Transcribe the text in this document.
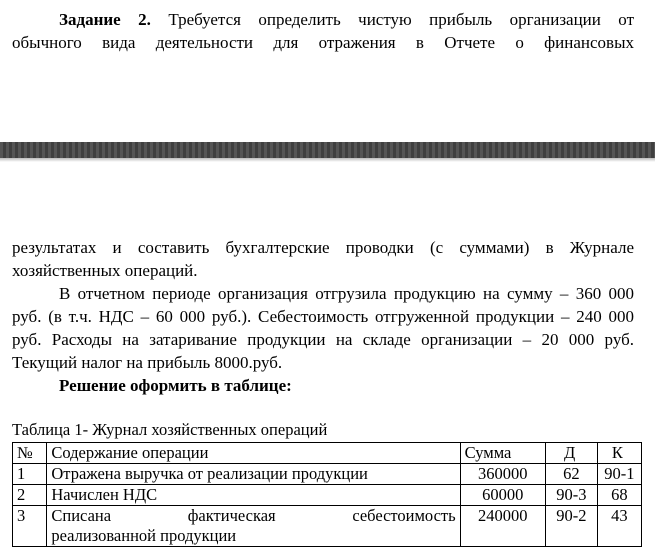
Задание 2. Требуется определить чистую прибыль организации от

обычного вида деятельности для отражения в Отчете о финансовых

результатах и составить бухгалтерские проводки (с суммами) в Журнале

хозяйственных операций.

В отчетном периоде организация отгрузила продукцию на сумму – 360 000 руб. (в т.ч. НДС – 60 000 руб.). Себестоимость отгруженной продукции – 240 000 руб. Расходы на затаривание продукции на складе организации – 20 000 руб. Текущий налог на прибыль 8000.руб.

Решение оформить в таблице:

Таблица 1- Журнал хозяйственных операций
№	Содержание операции	Сумма	Д	К
1	Отражена выручка от реализации продукции	360000	62	90-1
2	Начислен НДС	60000	90-3	68
3	Списана фактическая себестоимость
реализованной продукции	240000	90-2	43
